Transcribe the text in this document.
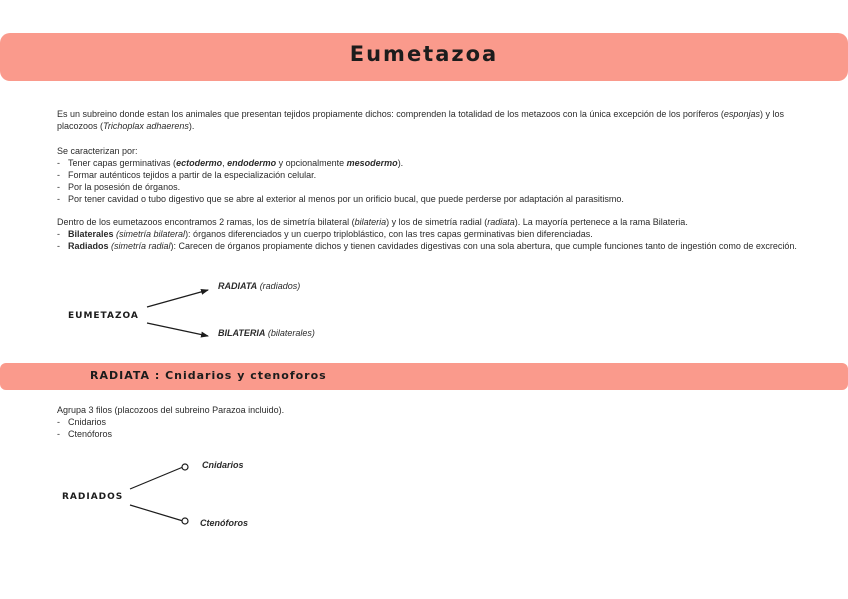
Eumetazoa

Es un subreino donde estan los animales que presentan tejidos propiamente dichos: comprenden la totalidad de los metazoos con la única excepción de los poríferos (esponjas) y los placozoos (Trichoplax adhaerens).

Se caracterizan por:

- Tener capas germinativas (ectodermo, endodermo y opcionalmente mesodermo).
- Formar auténticos tejidos a partir de la especialización celular.
- Por la posesión de órganos.
- Por tener cavidad o tubo digestivo que se abre al exterior al menos por un orificio bucal, que puede perderse por adaptación al parasitismo.

Dentro de los eumetazoos encontramos 2 ramas, los de simetría bilateral (bilateria) y los de simetría radial (radiata). La mayoría pertenece a la rama Bilateria.

- Bilaterales (simetría bilateral): órganos diferenciados y un cuerpo triploblástico, con las tres capas germinativas bien diferenciadas.
- Radiados (simetría radial): Carecen de órganos propiamente dichos y tienen cavidades digestivas con una sola abertura, que cumple funciones tanto de ingestión como de excreción.
EUMETAZOA
RADIATA (radiados)
BILATERIA (bilaterales)
RADIATA : Cnidarios y ctenoforos

Agrupa 3 filos (placozoos del subreino Parazoa incluido).

- Cnidarios
- Ctenóforos
RADIADOS
Cnidarios
Ctenóforos
